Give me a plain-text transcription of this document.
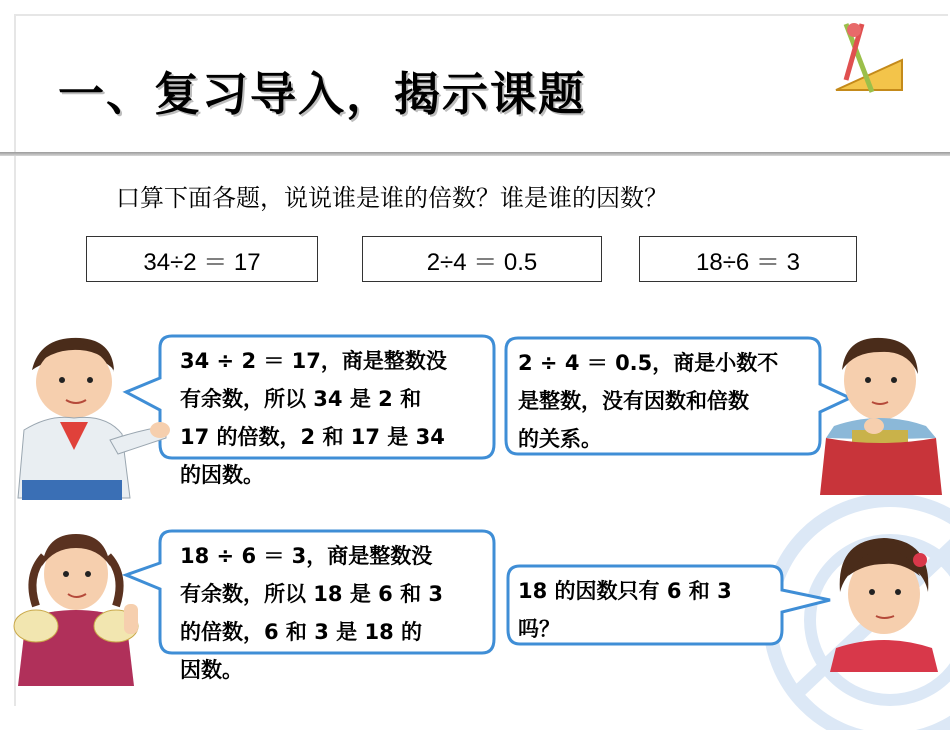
一、复习导入，揭示课题
口算下面各题，说说谁是谁的倍数？谁是谁的因数？
34÷2 ＝ 17	2÷4 ＝ 0.5	18÷6 ＝ 3
34 ÷ 2 ＝ 17，商是整数没
有余数，所以 34 是 2 和
17 的倍数，2 和 17 是 34
的因数。
2 ÷ 4 ＝ 0.5，商是小数不
是整数，没有因数和倍数
的关系。
18 ÷ 6 ＝ 3，商是整数没
有余数，所以 18 是 6 和 3
的倍数，6 和 3 是 18 的
因数。
18 的因数只有 6 和 3
吗？
